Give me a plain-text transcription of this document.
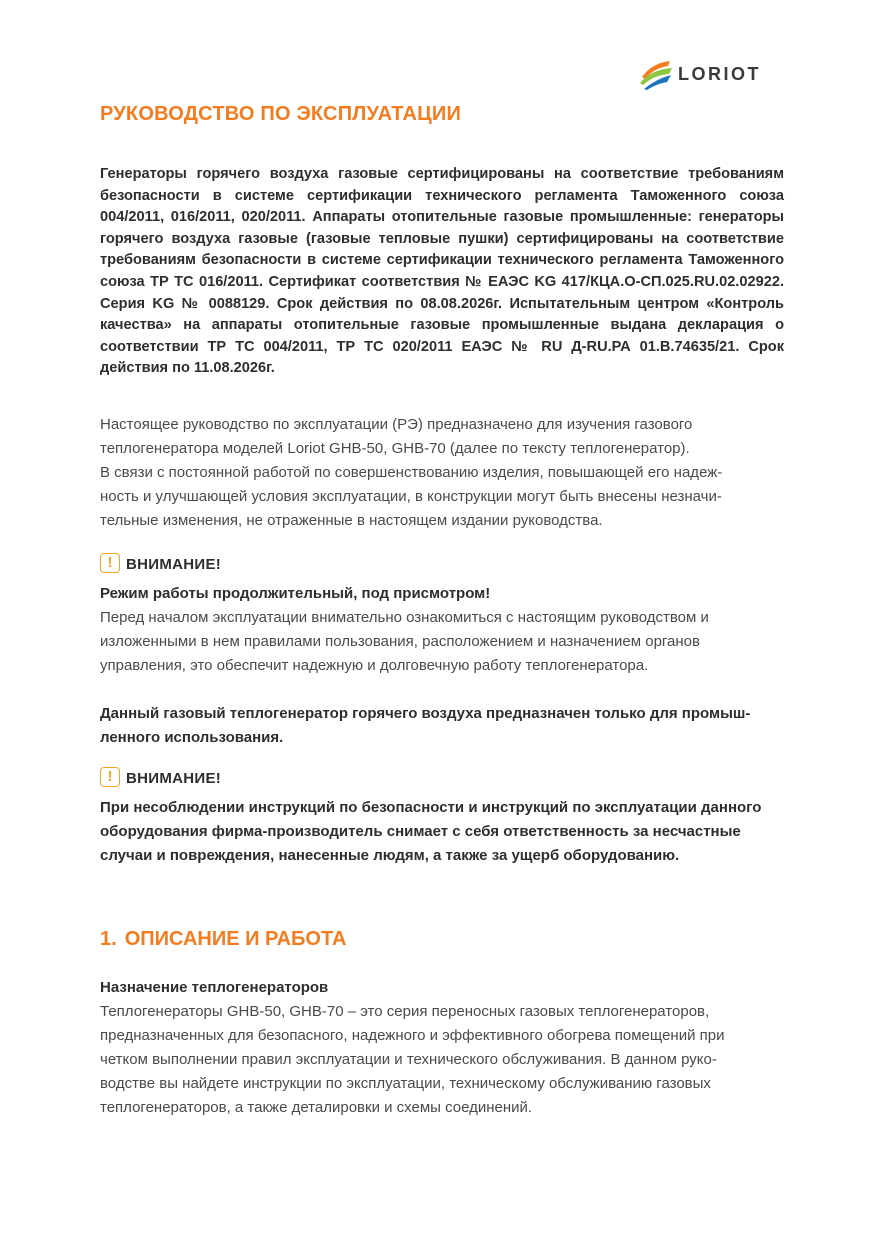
LORIOT
РУКОВОДСТВО ПО ЭКСПЛУАТАЦИИ

Генераторы горячего воздуха газовые сертифицированы на соответствие требованиям безопасности в системе сертификации технического регламента Таможенного союза 004/2011, 016/2011, 020/2011. Аппараты отопительные газовые промышленные: генераторы горячего воздуха газовые (газовые тепловые пушки) сертифицированы на соответствие требованиям безопасности в системе сертификации технического регламента Таможенного союза ТР ТС 016/2011. Сертификат соответствия № ЕАЭС KG 417/КЦА.О-СП.025.RU.02.02922. Серия KG № 0088129. Срок действия по 08.08.2026г. Испытательным центром «Контроль качества» на аппараты отопительные газовые промышленные выдана декларация о соответствии ТР ТС 004/2011, ТР ТС 020/2011 ЕАЭС № RU Д-RU.РА 01.В.74635/21. Срок действия по 11.08.2026г.

Настоящее руководство по эксплуатации (РЭ) предназначено для изучения газового
теплогенератора моделей Loriot GHB-50, GHB-70 (далее по тексту теплогенератор).
В связи с постоянной работой по совершенствованию изделия, повышающей его надеж-
ность и улучшающей условия эксплуатации, в конструкции могут быть внесены незначи-
тельные изменения, не отраженные в настоящем издании руководства.
! ВНИМАНИЕ!
Режим работы продолжительный, под присмотром!
Перед началом эксплуатации внимательно ознакомиться с настоящим руководством и
изложенными в нем правилами пользования, расположением и назначением органов
управления, это обеспечит надежную и долговечную работу теплогенератора.
Данный газовый теплогенератор горячего воздуха предназначен только для промыш-
ленного использования.
! ВНИМАНИЕ!
При несоблюдении инструкций по безопасности и инструкций по эксплуатации данного
оборудования фирма-производитель снимает с себя ответственность за несчастные
случаи и повреждения, нанесенные людям, а также за ущерб оборудованию.
1. ОПИСАНИЕ И РАБОТА
Назначение теплогенераторов
Теплогенераторы GHB-50, GHB-70 – это серия переносных газовых теплогенераторов,
предназначенных для безопасного, надежного и эффективного обогрева помещений при
четком выполнении правил эксплуатации и технического обслуживания. В данном руко-
водстве вы найдете инструкции по эксплуатации, техническому обслуживанию газовых
теплогенераторов, а также деталировки и схемы соединений.
